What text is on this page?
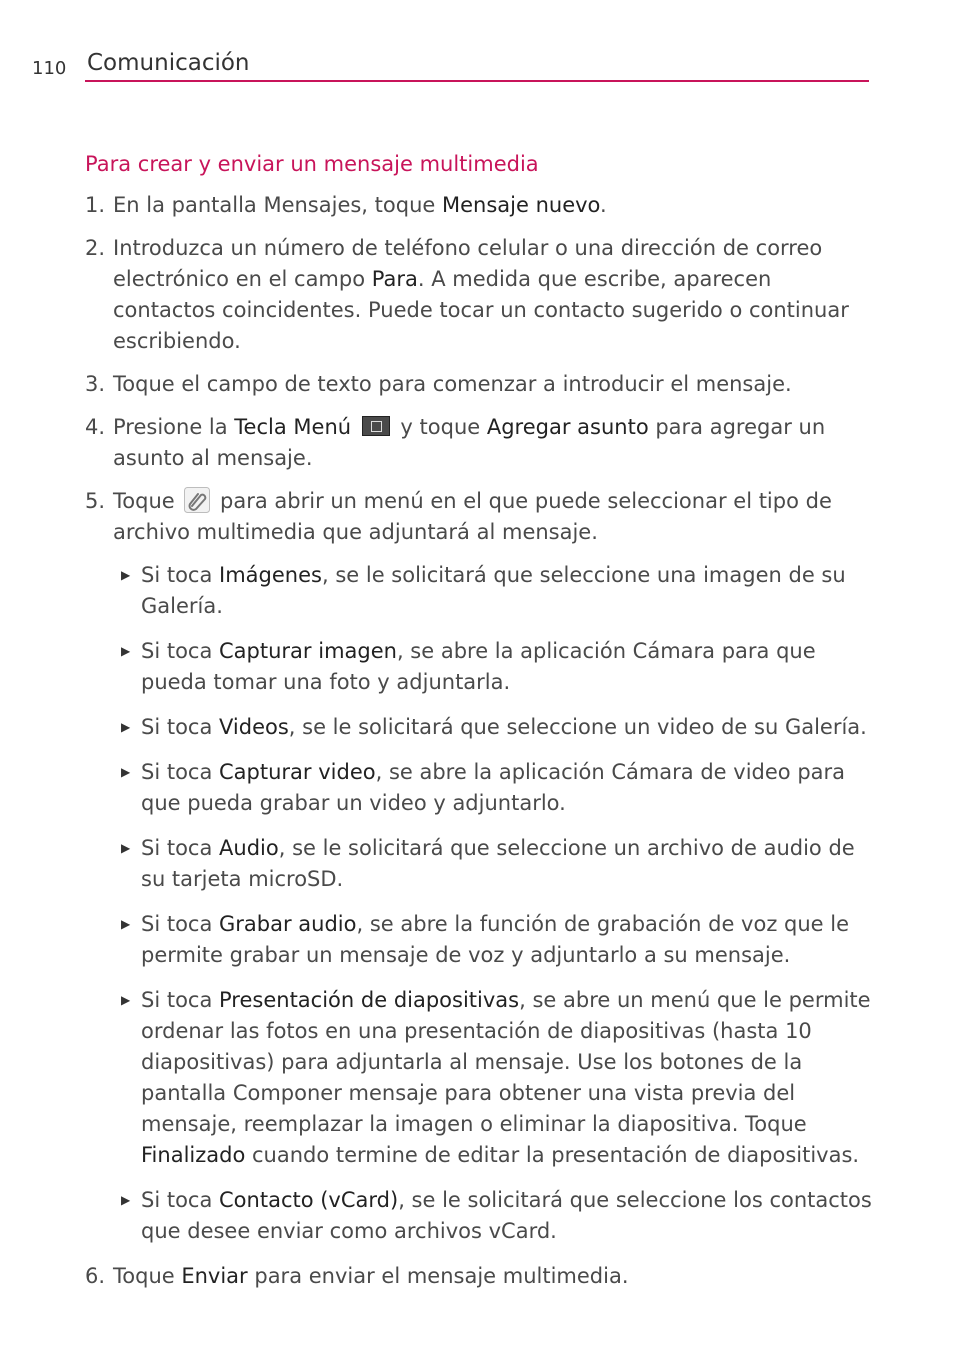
110 Comunicación
Para crear y enviar un mensaje multimedia
1. En la pantalla Mensajes, toque Mensaje nuevo.
2. Introduzca un número de teléfono celular o una dirección de correo electrónico en el campo Para. A medida que escribe, aparecen contactos coincidentes. Puede tocar un contacto sugerido o continuar escribiendo.
3. Toque el campo de texto para comenzar a introducir el mensaje.
4. Presione la Tecla Menú  y toque Agregar asunto para agregar un asunto al mensaje.
5. Toque  para abrir un menú en el que puede seleccionar el tipo de archivo multimedia que adjuntará al mensaje.
▶ Si toca Imágenes, se le solicitará que seleccione una imagen de su Galería.
▶ Si toca Capturar imagen, se abre la aplicación Cámara para que pueda tomar una foto y adjuntarla.
▶ Si toca Videos, se le solicitará que seleccione un video de su Galería.
▶ Si toca Capturar video, se abre la aplicación Cámara de video para que pueda grabar un video y adjuntarlo.
▶ Si toca Audio, se le solicitará que seleccione un archivo de audio de su tarjeta microSD.
▶ Si toca Grabar audio, se abre la función de grabación de voz que le permite grabar un mensaje de voz y adjuntarlo a su mensaje.
▶ Si toca Presentación de diapositivas, se abre un menú que le permite ordenar las fotos en una presentación de diapositivas (hasta 10 diapositivas) para adjuntarla al mensaje. Use los botones de la pantalla Componer mensaje para obtener una vista previa del mensaje, reemplazar la imagen o eliminar la diapositiva. Toque Finalizado cuando termine de editar la presentación de diapositivas.
▶ Si toca Contacto (vCard), se le solicitará que seleccione los contactos que desee enviar como archivos vCard.
6. Toque Enviar para enviar el mensaje multimedia.
